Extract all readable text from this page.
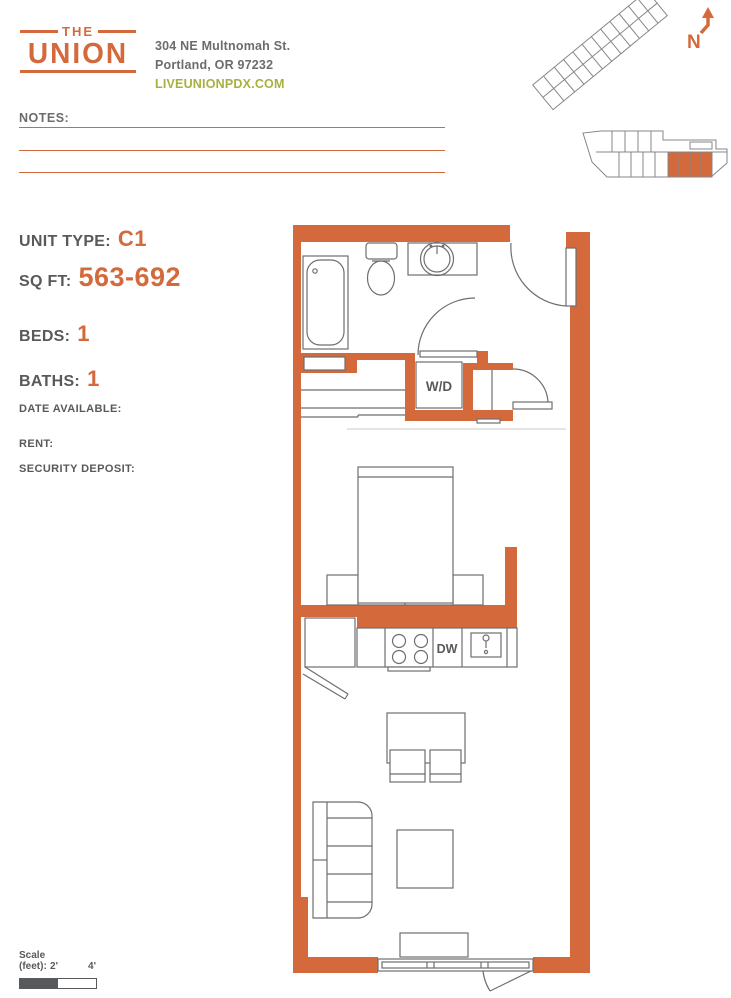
THE
UNION	304 NE Multnomah St.
Portland, OR 97232
LIVEUNIONPDX.COM
NOTES:
UNIT TYPE: C1
SQ FT: 563-692
BEDS: 1
BATHS: 1
DATE AVAILABLE:
RENT:
SECURITY DEPOSIT:
N
W/D
DW
Scale
(feet): 2'	4'
